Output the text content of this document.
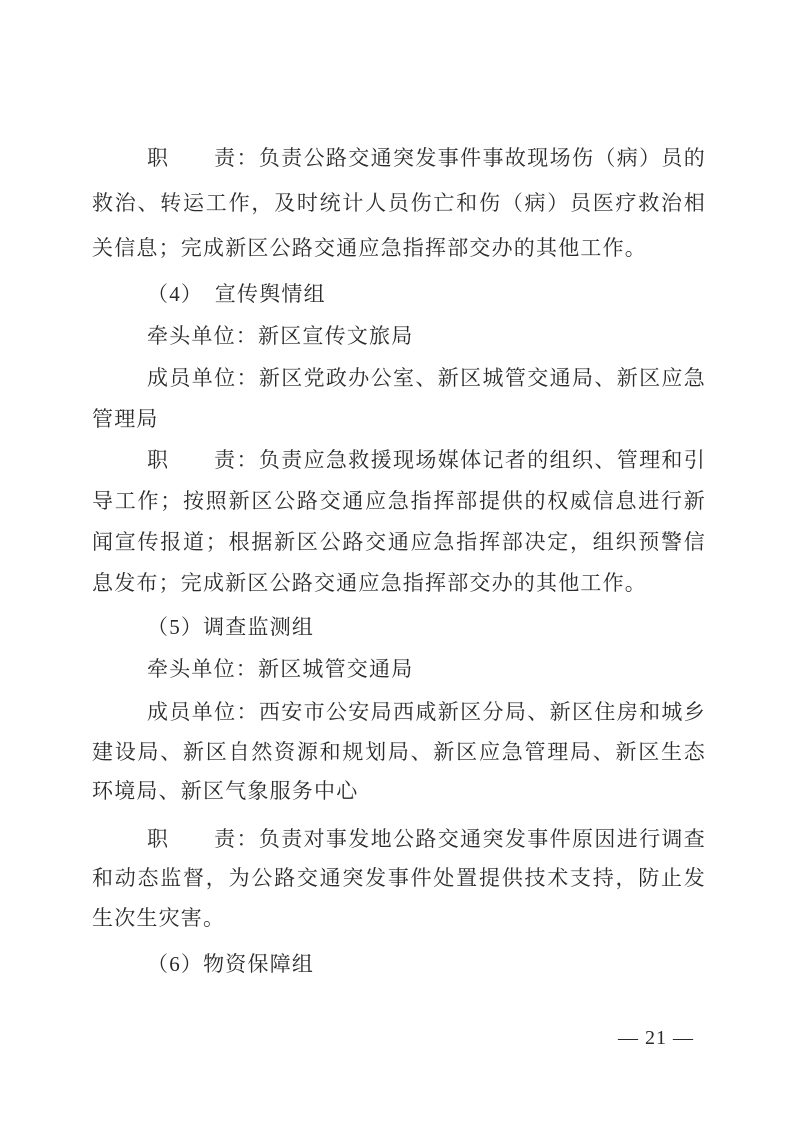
职　　责：负责公路交通突发事件事故现场伤（病）员的
救治、转运工作，及时统计人员伤亡和伤（病）员医疗救治相
关信息；完成新区公路交通应急指挥部交办的其他工作。
（4）　宣传舆情组
牵头单位：新区宣传文旅局
成员单位：新区党政办公室、新区城管交通局、新区应急
管理局
职　　责：负责应急救援现场媒体记者的组织、管理和引
导工作；按照新区公路交通应急指挥部提供的权威信息进行新
闻宣传报道；根据新区公路交通应急指挥部决定，组织预警信
息发布；完成新区公路交通应急指挥部交办的其他工作。
（5）调查监测组
牵头单位：新区城管交通局
成员单位：西安市公安局西咸新区分局、新区住房和城乡
建设局、新区自然资源和规划局、新区应急管理局、新区生态
环境局、新区气象服务中心
职　　责：负责对事发地公路交通突发事件原因进行调查
和动态监督，为公路交通突发事件处置提供技术支持，防止发
生次生灾害。
（6）物资保障组
— 21 —
